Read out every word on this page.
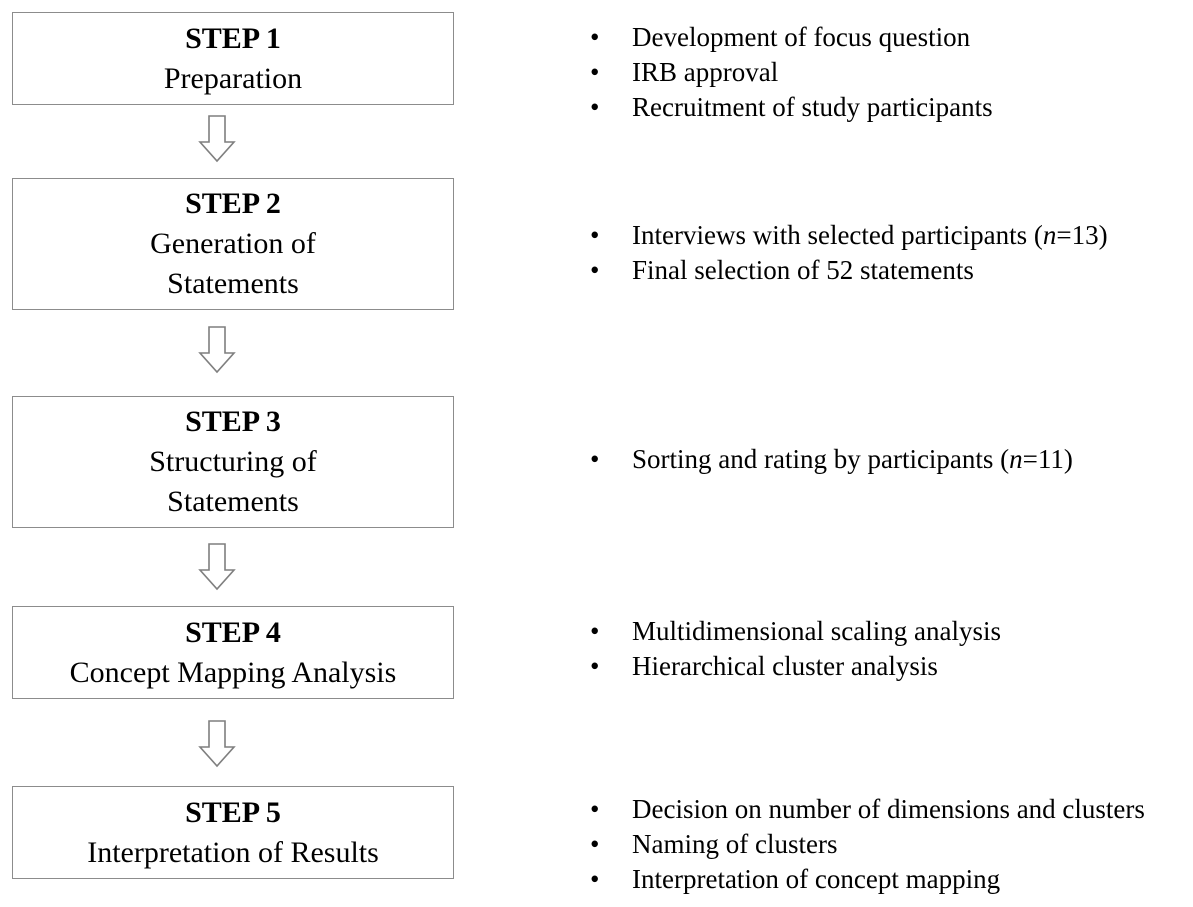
STEP 1
Preparation
• Development of focus question
• IRB approval
• Recruitment of study participants
STEP 2
Generation of
Statements
• Interviews with selected participants (n=13)
• Final selection of 52 statements
STEP 3
Structuring of
Statements
• Sorting and rating by participants (n=11)
STEP 4
Concept Mapping Analysis
• Multidimensional scaling analysis
• Hierarchical cluster analysis
STEP 5
Interpretation of Results
• Decision on number of dimensions and clusters
• Naming of clusters
• Interpretation of concept mapping
